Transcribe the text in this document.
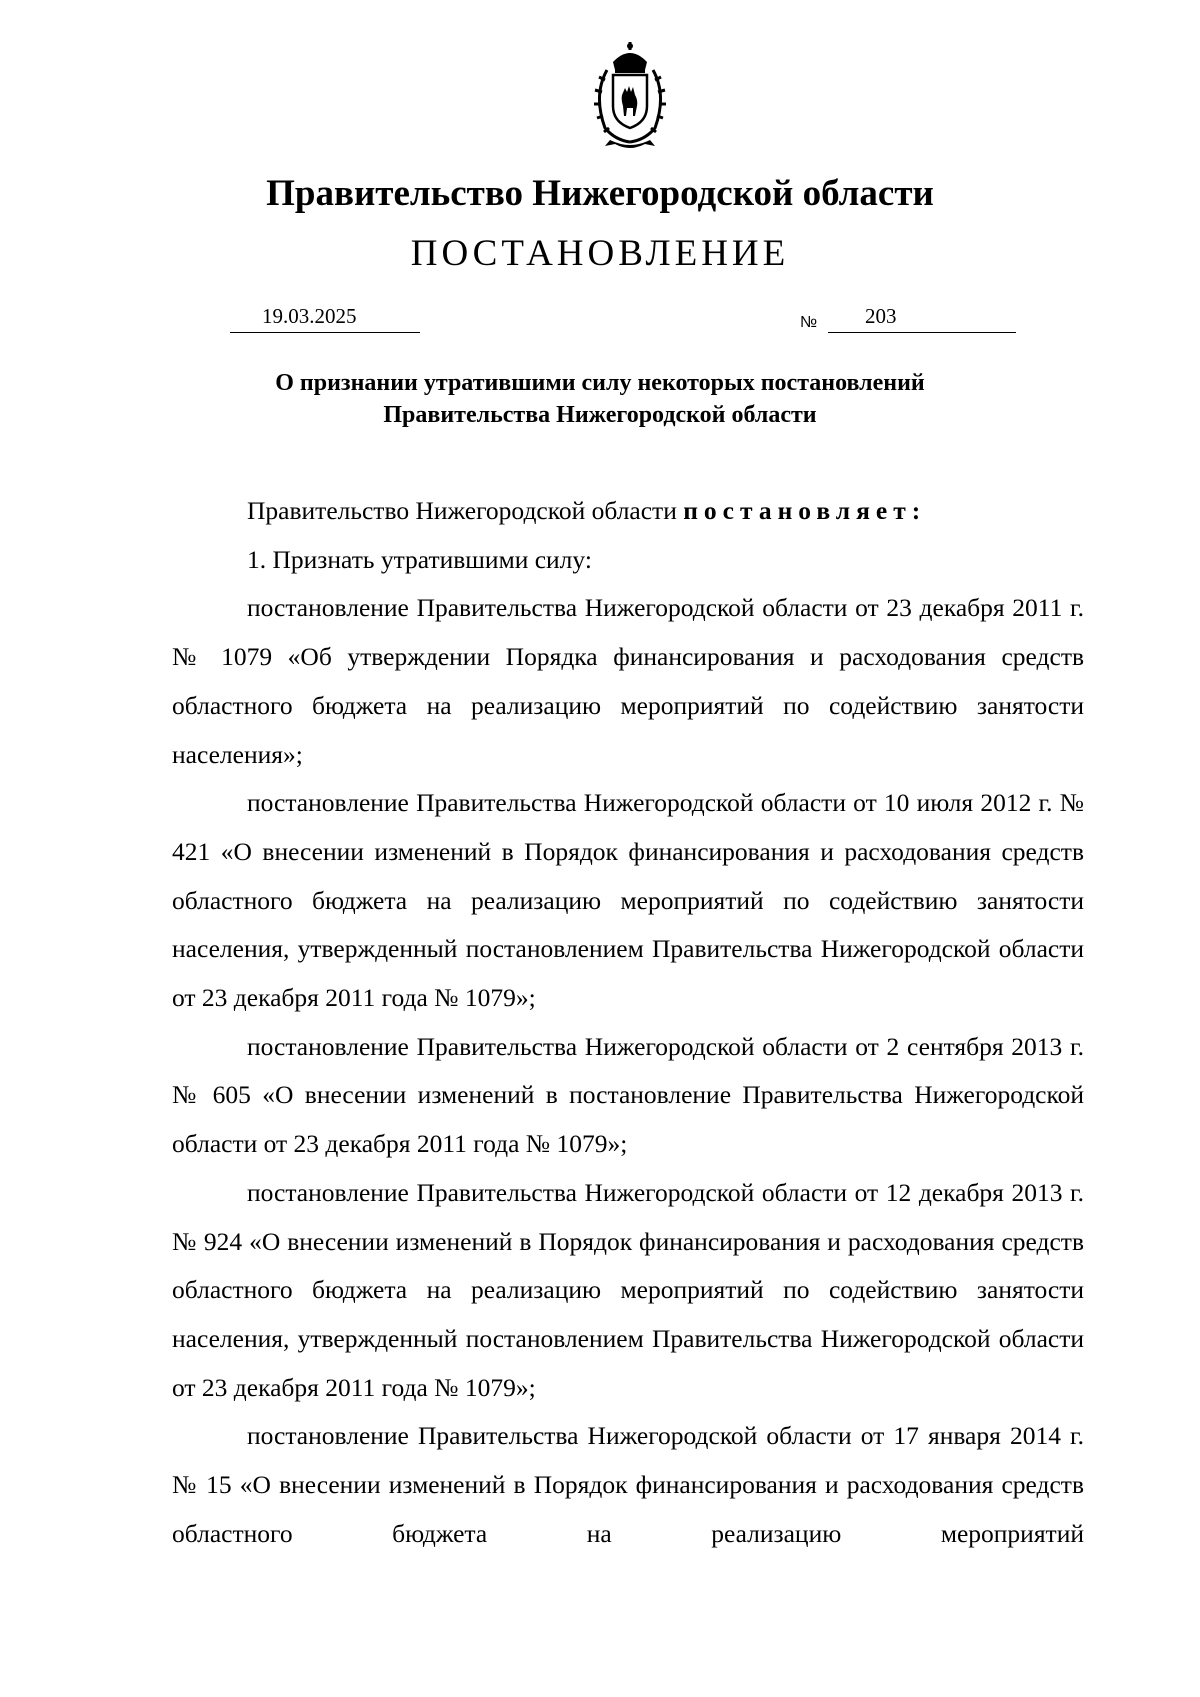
Правительство Нижегородской области
ПОСТАНОВЛЕНИЕ
19.03.2025	№ 203
О признании утратившими силу некоторых постановлений
Правительства Нижегородской области

Правительство Нижегородской области постановляет:

1. Признать утратившими силу:

постановление Правительства Нижегородской области от 23 декабря 2011 г. № 1079 «Об утверждении Порядка финансирования и расходования средств областного бюджета на реализацию мероприятий по содействию занятости населения»;

постановление Правительства Нижегородской области от 10 июля 2012 г. № 421 «О внесении изменений в Порядок финансирования и расходования средств областного бюджета на реализацию мероприятий по содействию занятости населения, утвержденный постановлением Правительства Нижегородской области от 23 декабря 2011 года № 1079»;

постановление Правительства Нижегородской области от 2 сентября 2013 г. № 605 «О внесении изменений в постановление Правительства Нижегородской области от 23 декабря 2011 года № 1079»;

постановление Правительства Нижегородской области от 12 декабря 2013 г. № 924 «О внесении изменений в Порядок финансирования и расходования средств областного бюджета на реализацию мероприятий по содействию занятости населения, утвержденный постановлением Правительства Нижегородской области от 23 декабря 2011 года № 1079»;

постановление Правительства Нижегородской области от 17 января 2014 г. № 15 «О внесении изменений в Порядок финансирования и расходования средств областного бюджета на реализацию мероприятий
